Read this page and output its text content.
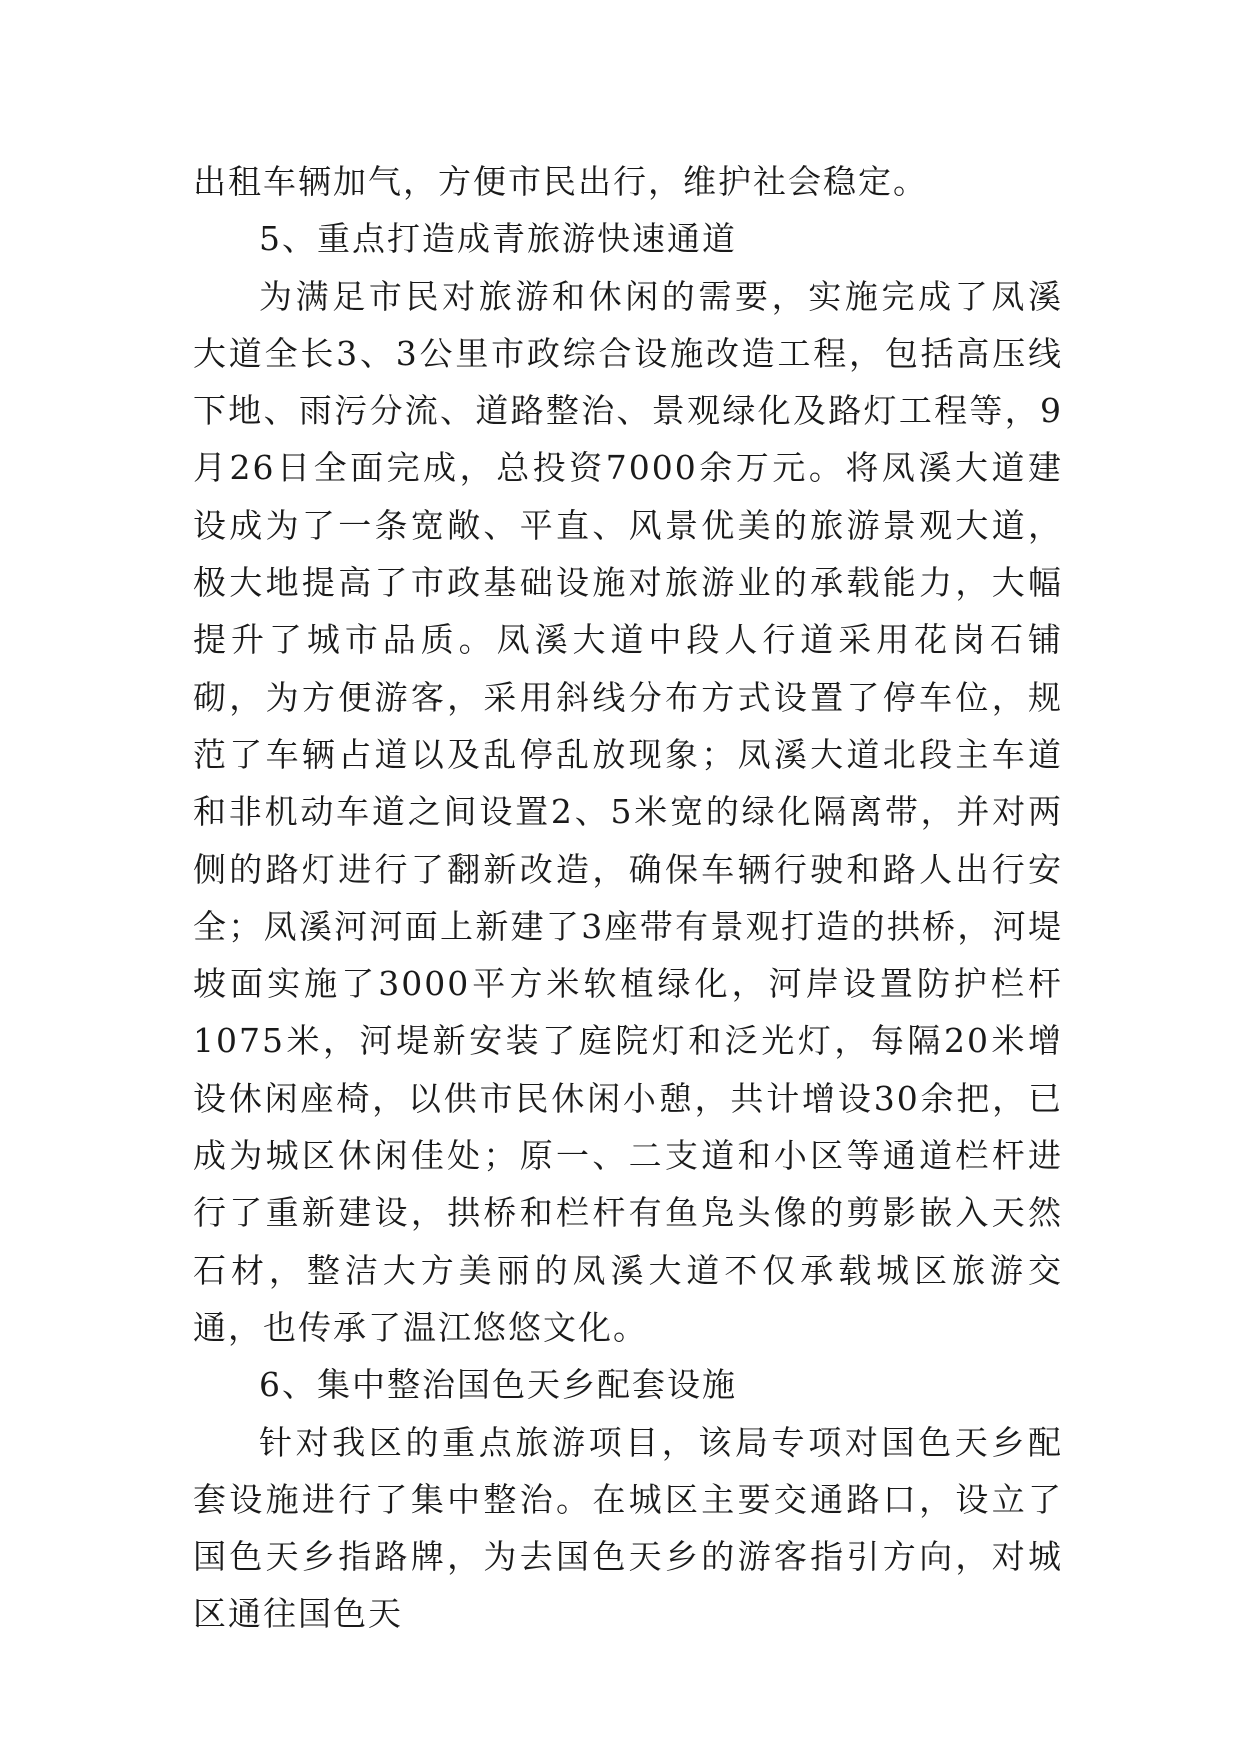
出租车辆加气，方便市民出行，维护社会稳定。

5、重点打造成青旅游快速通道

为满足市民对旅游和休闲的需要，实施完成了凤溪大道全长3、3公里市政综合设施改造工程，包括高压线下地、雨污分流、道路整治、景观绿化及路灯工程等，9月26日全面完成，总投资7000余万元。将凤溪大道建设成为了一条宽敞、平直、风景优美的旅游景观大道，极大地提高了市政基础设施对旅游业的承载能力，大幅提升了城市品质。凤溪大道中段人行道采用花岗石铺砌，为方便游客，采用斜线分布方式设置了停车位，规范了车辆占道以及乱停乱放现象；凤溪大道北段主车道和非机动车道之间设置2、5米宽的绿化隔离带，并对两侧的路灯进行了翻新改造，确保车辆行驶和路人出行安全；凤溪河河面上新建了3座带有景观打造的拱桥，河堤坡面实施了3000平方米软植绿化，河岸设置防护栏杆1075米，河堤新安装了庭院灯和泛光灯，每隔20米增设休闲座椅，以供市民休闲小憩，共计增设30余把，已成为城区休闲佳处；原一、二支道和小区等通道栏杆进行了重新建设，拱桥和栏杆有鱼凫头像的剪影嵌入天然石材，整洁大方美丽的凤溪大道不仅承载城区旅游交通，也传承了温江悠悠文化。

6、集中整治国色天乡配套设施

针对我区的重点旅游项目，该局专项对国色天乡配套设施进行了集中整治。在城区主要交通路口，设立了国色天乡指路牌，为去国色天乡的游客指引方向，对城区通往国色天
